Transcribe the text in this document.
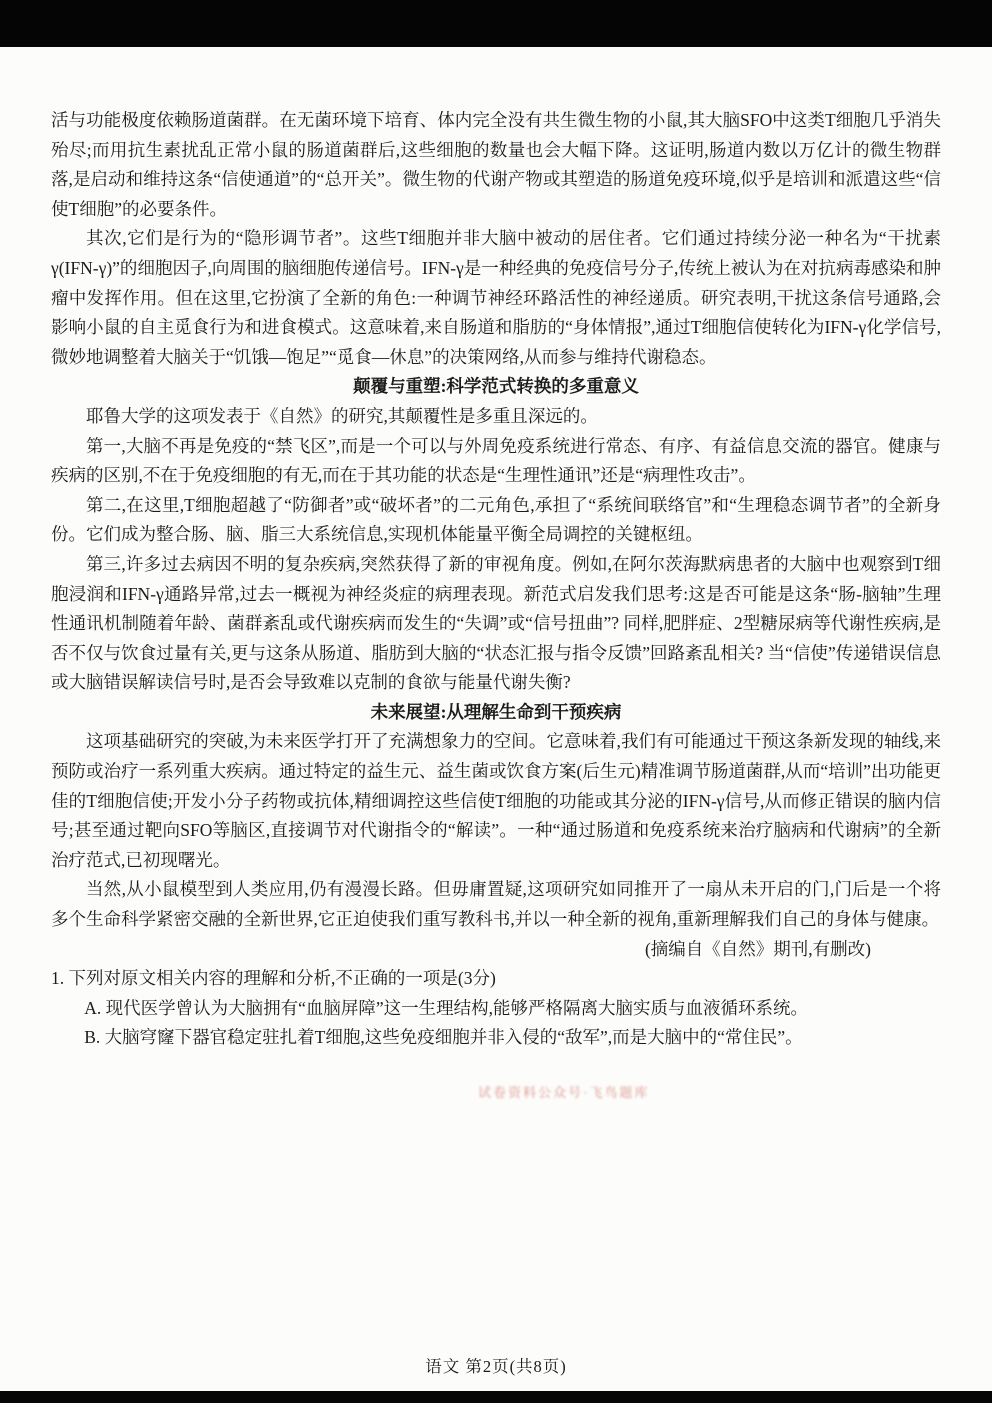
活与功能极度依赖肠道菌群。在无菌环境下培育、体内完全没有共生微生物的小鼠,其大脑SFO中这类T细胞几乎消失殆尽;而用抗生素扰乱正常小鼠的肠道菌群后,这些细胞的数量也会大幅下降。这证明,肠道内数以万亿计的微生物群落,是启动和维持这条“信使通道”的“总开关”。微生物的代谢产物或其塑造的肠道免疫环境,似乎是培训和派遣这些“信使T细胞”的必要条件。

其次,它们是行为的“隐形调节者”。这些T细胞并非大脑中被动的居住者。它们通过持续分泌一种名为“干扰素γ(IFN-γ)”的细胞因子,向周围的脑细胞传递信号。IFN-γ是一种经典的免疫信号分子,传统上被认为在对抗病毒感染和肿瘤中发挥作用。但在这里,它扮演了全新的角色:一种调节神经环路活性的神经递质。研究表明,干扰这条信号通路,会影响小鼠的自主觅食行为和进食模式。这意味着,来自肠道和脂肪的“身体情报”,通过T细胞信使转化为IFN-γ化学信号,微妙地调整着大脑关于“饥饿—饱足”“觅食—休息”的决策网络,从而参与维持代谢稳态。

颠覆与重塑:科学范式转换的多重意义

耶鲁大学的这项发表于《自然》的研究,其颠覆性是多重且深远的。

第一,大脑不再是免疫的“禁飞区”,而是一个可以与外周免疫系统进行常态、有序、有益信息交流的器官。健康与疾病的区别,不在于免疫细胞的有无,而在于其功能的状态是“生理性通讯”还是“病理性攻击”。

第二,在这里,T细胞超越了“防御者”或“破坏者”的二元角色,承担了“系统间联络官”和“生理稳态调节者”的全新身份。它们成为整合肠、脑、脂三大系统信息,实现机体能量平衡全局调控的关键枢纽。

第三,许多过去病因不明的复杂疾病,突然获得了新的审视角度。例如,在阿尔茨海默病患者的大脑中也观察到T细胞浸润和IFN-γ通路异常,过去一概视为神经炎症的病理表现。新范式启发我们思考:这是否可能是这条“肠-脑轴”生理性通讯机制随着年龄、菌群紊乱或代谢疾病而发生的“失调”或“信号扭曲”? 同样,肥胖症、2型糖尿病等代谢性疾病,是否不仅与饮食过量有关,更与这条从肠道、脂肪到大脑的“状态汇报与指令反馈”回路紊乱相关? 当“信使”传递错误信息或大脑错误解读信号时,是否会导致难以克制的食欲与能量代谢失衡?

未来展望:从理解生命到干预疾病

这项基础研究的突破,为未来医学打开了充满想象力的空间。它意味着,我们有可能通过干预这条新发现的轴线,来预防或治疗一系列重大疾病。通过特定的益生元、益生菌或饮食方案(后生元)精准调节肠道菌群,从而“培训”出功能更佳的T细胞信使;开发小分子药物或抗体,精细调控这些信使T细胞的功能或其分泌的IFN-γ信号,从而修正错误的脑内信号;甚至通过靶向SFO等脑区,直接调节对代谢指令的“解读”。一种“通过肠道和免疫系统来治疗脑病和代谢病”的全新治疗范式,已初现曙光。

当然,从小鼠模型到人类应用,仍有漫漫长路。但毋庸置疑,这项研究如同推开了一扇从未开启的门,门后是一个将多个生命科学紧密交融的全新世界,它正迫使我们重写教科书,并以一种全新的视角,重新理解我们自己的身体与健康。

(摘编自《自然》期刊,有删改)

1. 下列对原文相关内容的理解和分析,不正确的一项是(3分)

A. 现代医学曾认为大脑拥有“血脑屏障”这一生理结构,能够严格隔离大脑实质与血液循环系统。

B. 大脑穹窿下器官稳定驻扎着T细胞,这些免疫细胞并非入侵的“敌军”,而是大脑中的“常住民”。

试卷资料公众号·飞鸟题库
语文 第2页(共8页)
